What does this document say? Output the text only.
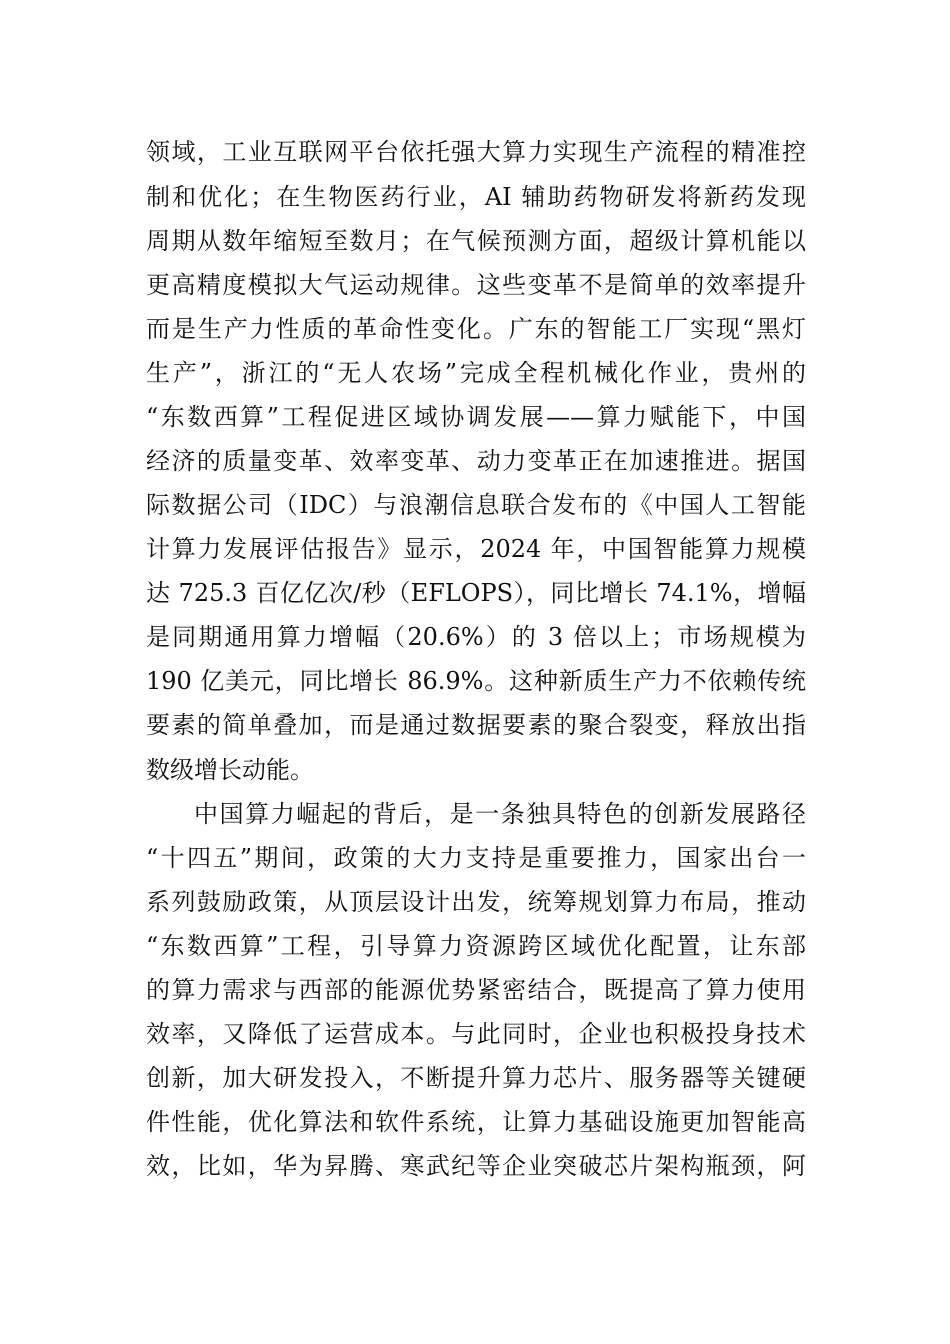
领域，工业互联网平台依托强大算力实现生产流程的精准控
制和优化；在生物医药行业，AI 辅助药物研发将新药发现
周期从数年缩短至数月；在气候预测方面，超级计算机能以
更高精度模拟大气运动规律。这些变革不是简单的效率提升
而是生产力性质的革命性变化。广东的智能工厂实现“黑灯
生产”，浙江的“无人农场”完成全程机械化作业，贵州的
“东数西算”工程促进区域协调发展——算力赋能下，中国
经济的质量变革、效率变革、动力变革正在加速推进。据国
际数据公司（IDC）与浪潮信息联合发布的《中国人工智能
计算力发展评估报告》显示，2024 年，中国智能算力规模
达 725.3 百亿亿次/秒（EFLOPS），同比增长 74.1%，增幅
是同期通用算力增幅（20.6%）的 3 倍以上；市场规模为
190 亿美元，同比增长 86.9%。这种新质生产力不依赖传统
要素的简单叠加，而是通过数据要素的聚合裂变，释放出指
数级增长动能。
中国算力崛起的背后，是一条独具特色的创新发展路径
“十四五”期间，政策的大力支持是重要推力，国家出台一
系列鼓励政策，从顶层设计出发，统筹规划算力布局，推动
“东数西算”工程，引导算力资源跨区域优化配置，让东部
的算力需求与西部的能源优势紧密结合，既提高了算力使用
效率，又降低了运营成本。与此同时，企业也积极投身技术
创新，加大研发投入，不断提升算力芯片、服务器等关键硬
件性能，优化算法和软件系统，让算力基础设施更加智能高
效，比如，华为昇腾、寒武纪等企业突破芯片架构瓶颈，阿
